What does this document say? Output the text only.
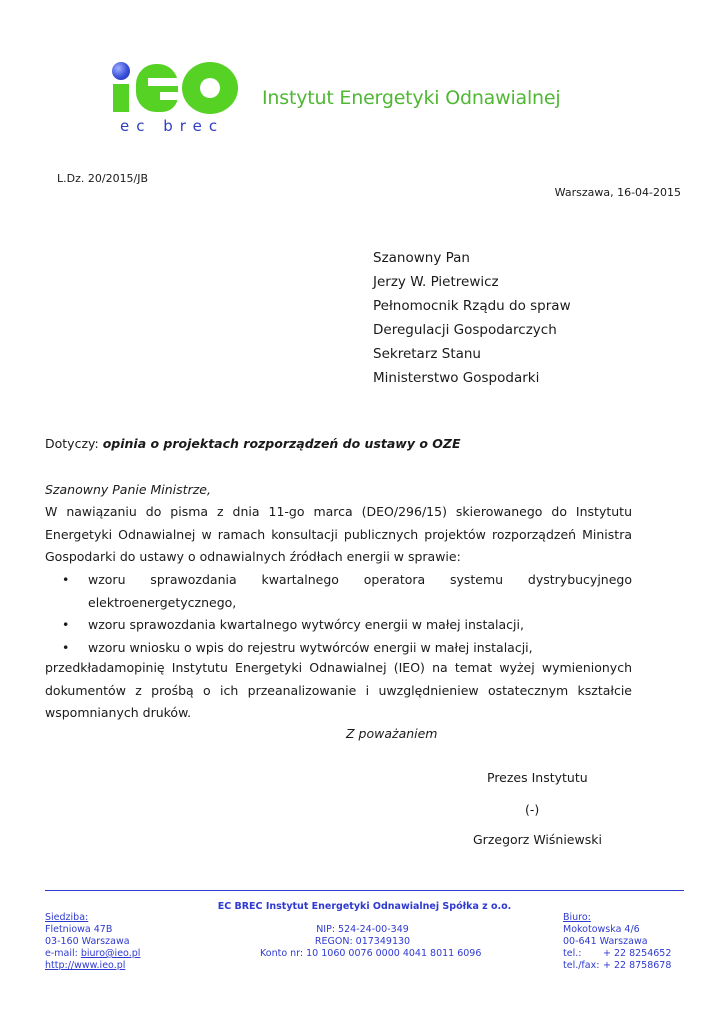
ec brec
Instytut Energetyki Odnawialnej
L.Dz. 20/2015/JB
Warszawa, 16-04-2015
Szanowny Pan
Jerzy W. Pietrewicz
Pełnomocnik Rządu do spraw
Deregulacji Gospodarczych
Sekretarz Stanu
Ministerstwo Gospodarki
Dotyczy: opinia o projektach rozporządzeń do ustawy o OZE
Szanowny Panie Ministrze,
W nawiązaniu do pisma z dnia 11-go marca (DEO/296/15) skierowanego do Instytutu Energetyki Odnawialnej w ramach konsultacji publicznych projektów rozporządzeń Ministra Gospodarki do ustawy o odnawialnych źródłach energii w sprawie:
• wzoru sprawozdania kwartalnego operatora systemu dystrybucyjnego elektroenergetycznego,
• wzoru sprawozdania kwartalnego wytwórcy energii w małej instalacji,
• wzoru wniosku o wpis do rejestru wytwórców energii w małej instalacji,
przedkładamopinię Instytutu Energetyki Odnawialnej (IEO) na temat wyżej wymienionych dokumentów z prośbą o ich przeanalizowanie i uwzględnieniew ostatecznym kształcie wspomnianych druków.
Z poważaniem
Prezes Instytutu
(-)
Grzegorz Wiśniewski
EC BREC Instytut Energetyki Odnawialnej Spółka z o.o.
Siedziba:
Fletniowa 47B
03-160 Warszawa
e-mail: biuro@ieo.pl
http://www.ieo.pl
NIP: 524-24-00-349
REGON: 017349130
Konto nr: 10 1060 0076 0000 4041 8011 6096
Biuro:
Mokotowska 4/6
00-641 Warszawa
tel.:	+ 22 8254652
tel./fax: + 22 8758678
